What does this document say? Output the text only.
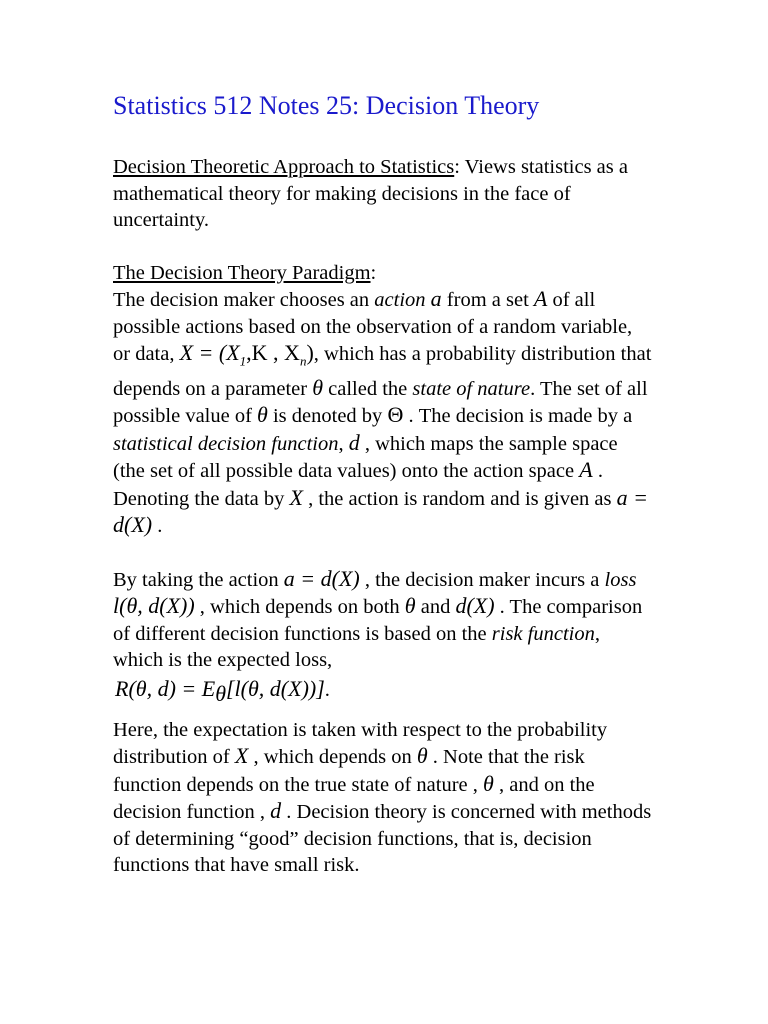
Statistics 512 Notes 25: Decision Theory

Decision Theoretic Approach to Statistics: Views statistics as a mathematical theory for making decisions in the face of uncertainty.

The Decision Theory Paradigm:
The decision maker chooses an action a from a set A of all possible actions based on the observation of a random variable, or data, $X = (X_1,K$ , $X_n$), which has a probability distribution that depends on a parameter θ called the state of nature. The set of all possible value of θ is denoted by Θ . The decision is made by a statistical decision function, d , which maps the sample space (the set of all possible data values) onto the action space A . Denoting the data by X , the action is random and is given as a = d(X) .

By taking the action a = d(X) , the decision maker incurs a loss l(θ, d(X)) , which depends on both θ and d(X) . The comparison of different decision functions is based on the risk function, which is the expected loss,

R(θ, $d) = E_\theta[l(\theta$, d(X))].

Here, the expectation is taken with respect to the probability distribution of X , which depends on θ . Note that the risk function depends on the true state of nature , θ , and on the decision function , d . Decision theory is concerned with methods of determining “good” decision functions, that is, decision functions that have small risk.
